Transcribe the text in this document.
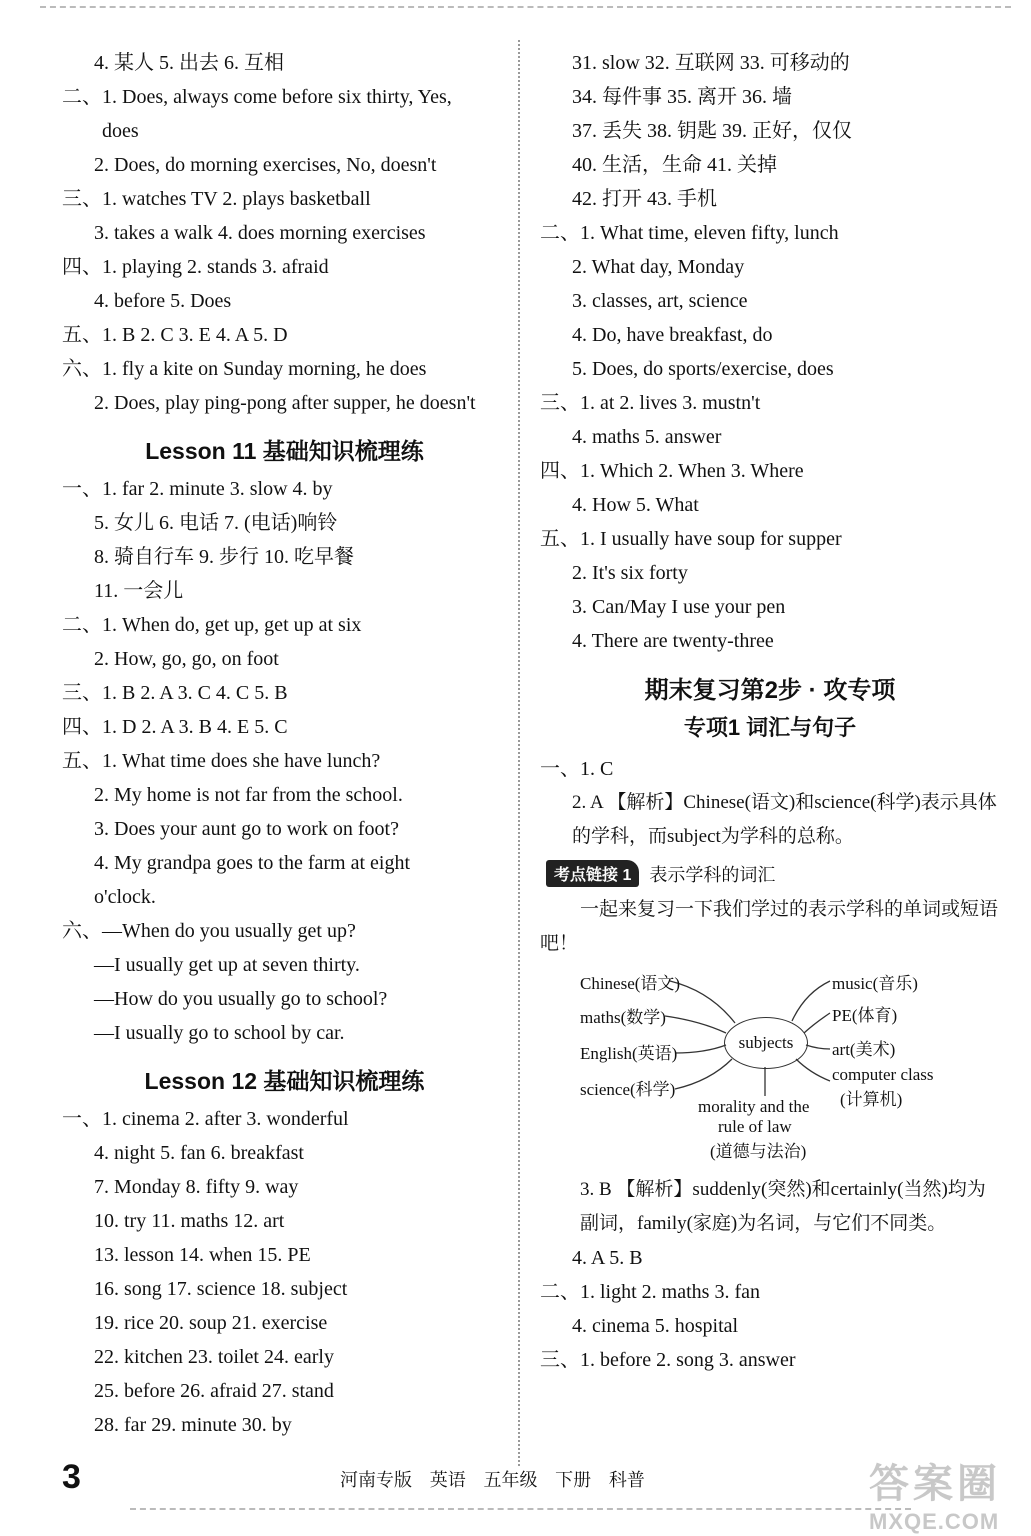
4. 某人 5. 出去 6. 互相
二、1. Does, always come before six thirty, Yes,
does
2. Does, do morning exercises, No, doesn't
三、1. watches TV 2. plays basketball
3. takes a walk 4. does morning exercises
四、1. playing 2. stands 3. afraid
4. before 5. Does
五、1. B 2. C 3. E 4. A 5. D
六、1. fly a kite on Sunday morning, he does
2. Does, play ping-pong after supper, he doesn't
Lesson 11 基础知识梳理练
一、1. far 2. minute 3. slow 4. by
5. 女儿 6. 电话 7. (电话)响铃
8. 骑自行车 9. 步行 10. 吃早餐
11. 一会儿
二、1. When do, get up, get up at six
2. How, go, go, on foot
三、1. B 2. A 3. C 4. C 5. B
四、1. D 2. A 3. B 4. E 5. C
五、1. What time does she have lunch?
2. My home is not far from the school.
3. Does your aunt go to work on foot?
4. My grandpa goes to the farm at eight
o'clock.
六、—When do you usually get up?
—I usually get up at seven thirty.
—How do you usually go to school?
—I usually go to school by car.
Lesson 12 基础知识梳理练
一、1. cinema 2. after 3. wonderful
4. night 5. fan 6. breakfast
7. Monday 8. fifty 9. way
10. try 11. maths 12. art
13. lesson 14. when 15. PE
16. song 17. science 18. subject
19. rice 20. soup 21. exercise
22. kitchen 23. toilet 24. early
25. before 26. afraid 27. stand
28. far 29. minute 30. by
31. slow 32. 互联网 33. 可移动的
34. 每件事 35. 离开 36. 墙
37. 丢失 38. 钥匙 39. 正好，仅仅
40. 生活，生命 41. 关掉
42. 打开 43. 手机
二、1. What time, eleven fifty, lunch
2. What day, Monday
3. classes, art, science
4. Do, have breakfast, do
5. Does, do sports/exercise, does
三、1. at 2. lives 3. mustn't
4. maths 5. answer
四、1. Which 2. When 3. Where
4. How 5. What
五、1. I usually have soup for supper
2. It's six forty
3. Can/May I use your pen
4. There are twenty-three
期末复习第2步 · 攻专项
专项1 词汇与句子
一、1. C
2. A 【解析】Chinese(语文)和science(科学)表示具体的学科，而subject为学科的总称。
考点链接 1	表示学科的词汇
一起来复习一下我们学过的表示学科的单词或短语吧！
subjects
Chinese(语文)
maths(数学)
English(英语)
science(科学)
music(音乐)
PE(体育)
art(美术)
computer class
(计算机)
morality and the
rule of law
(道德与法治)
3. B 【解析】suddenly(突然)和certainly(当然)均为副词，family(家庭)为名词，与它们不同类。
4. A 5. B
二、1. light 2. maths 3. fan
4. cinema 5. hospital
三、1. before 2. song 3. answer
3	河南专版 英语 五年级 下册 科普	答案圈
MXQE.COM
